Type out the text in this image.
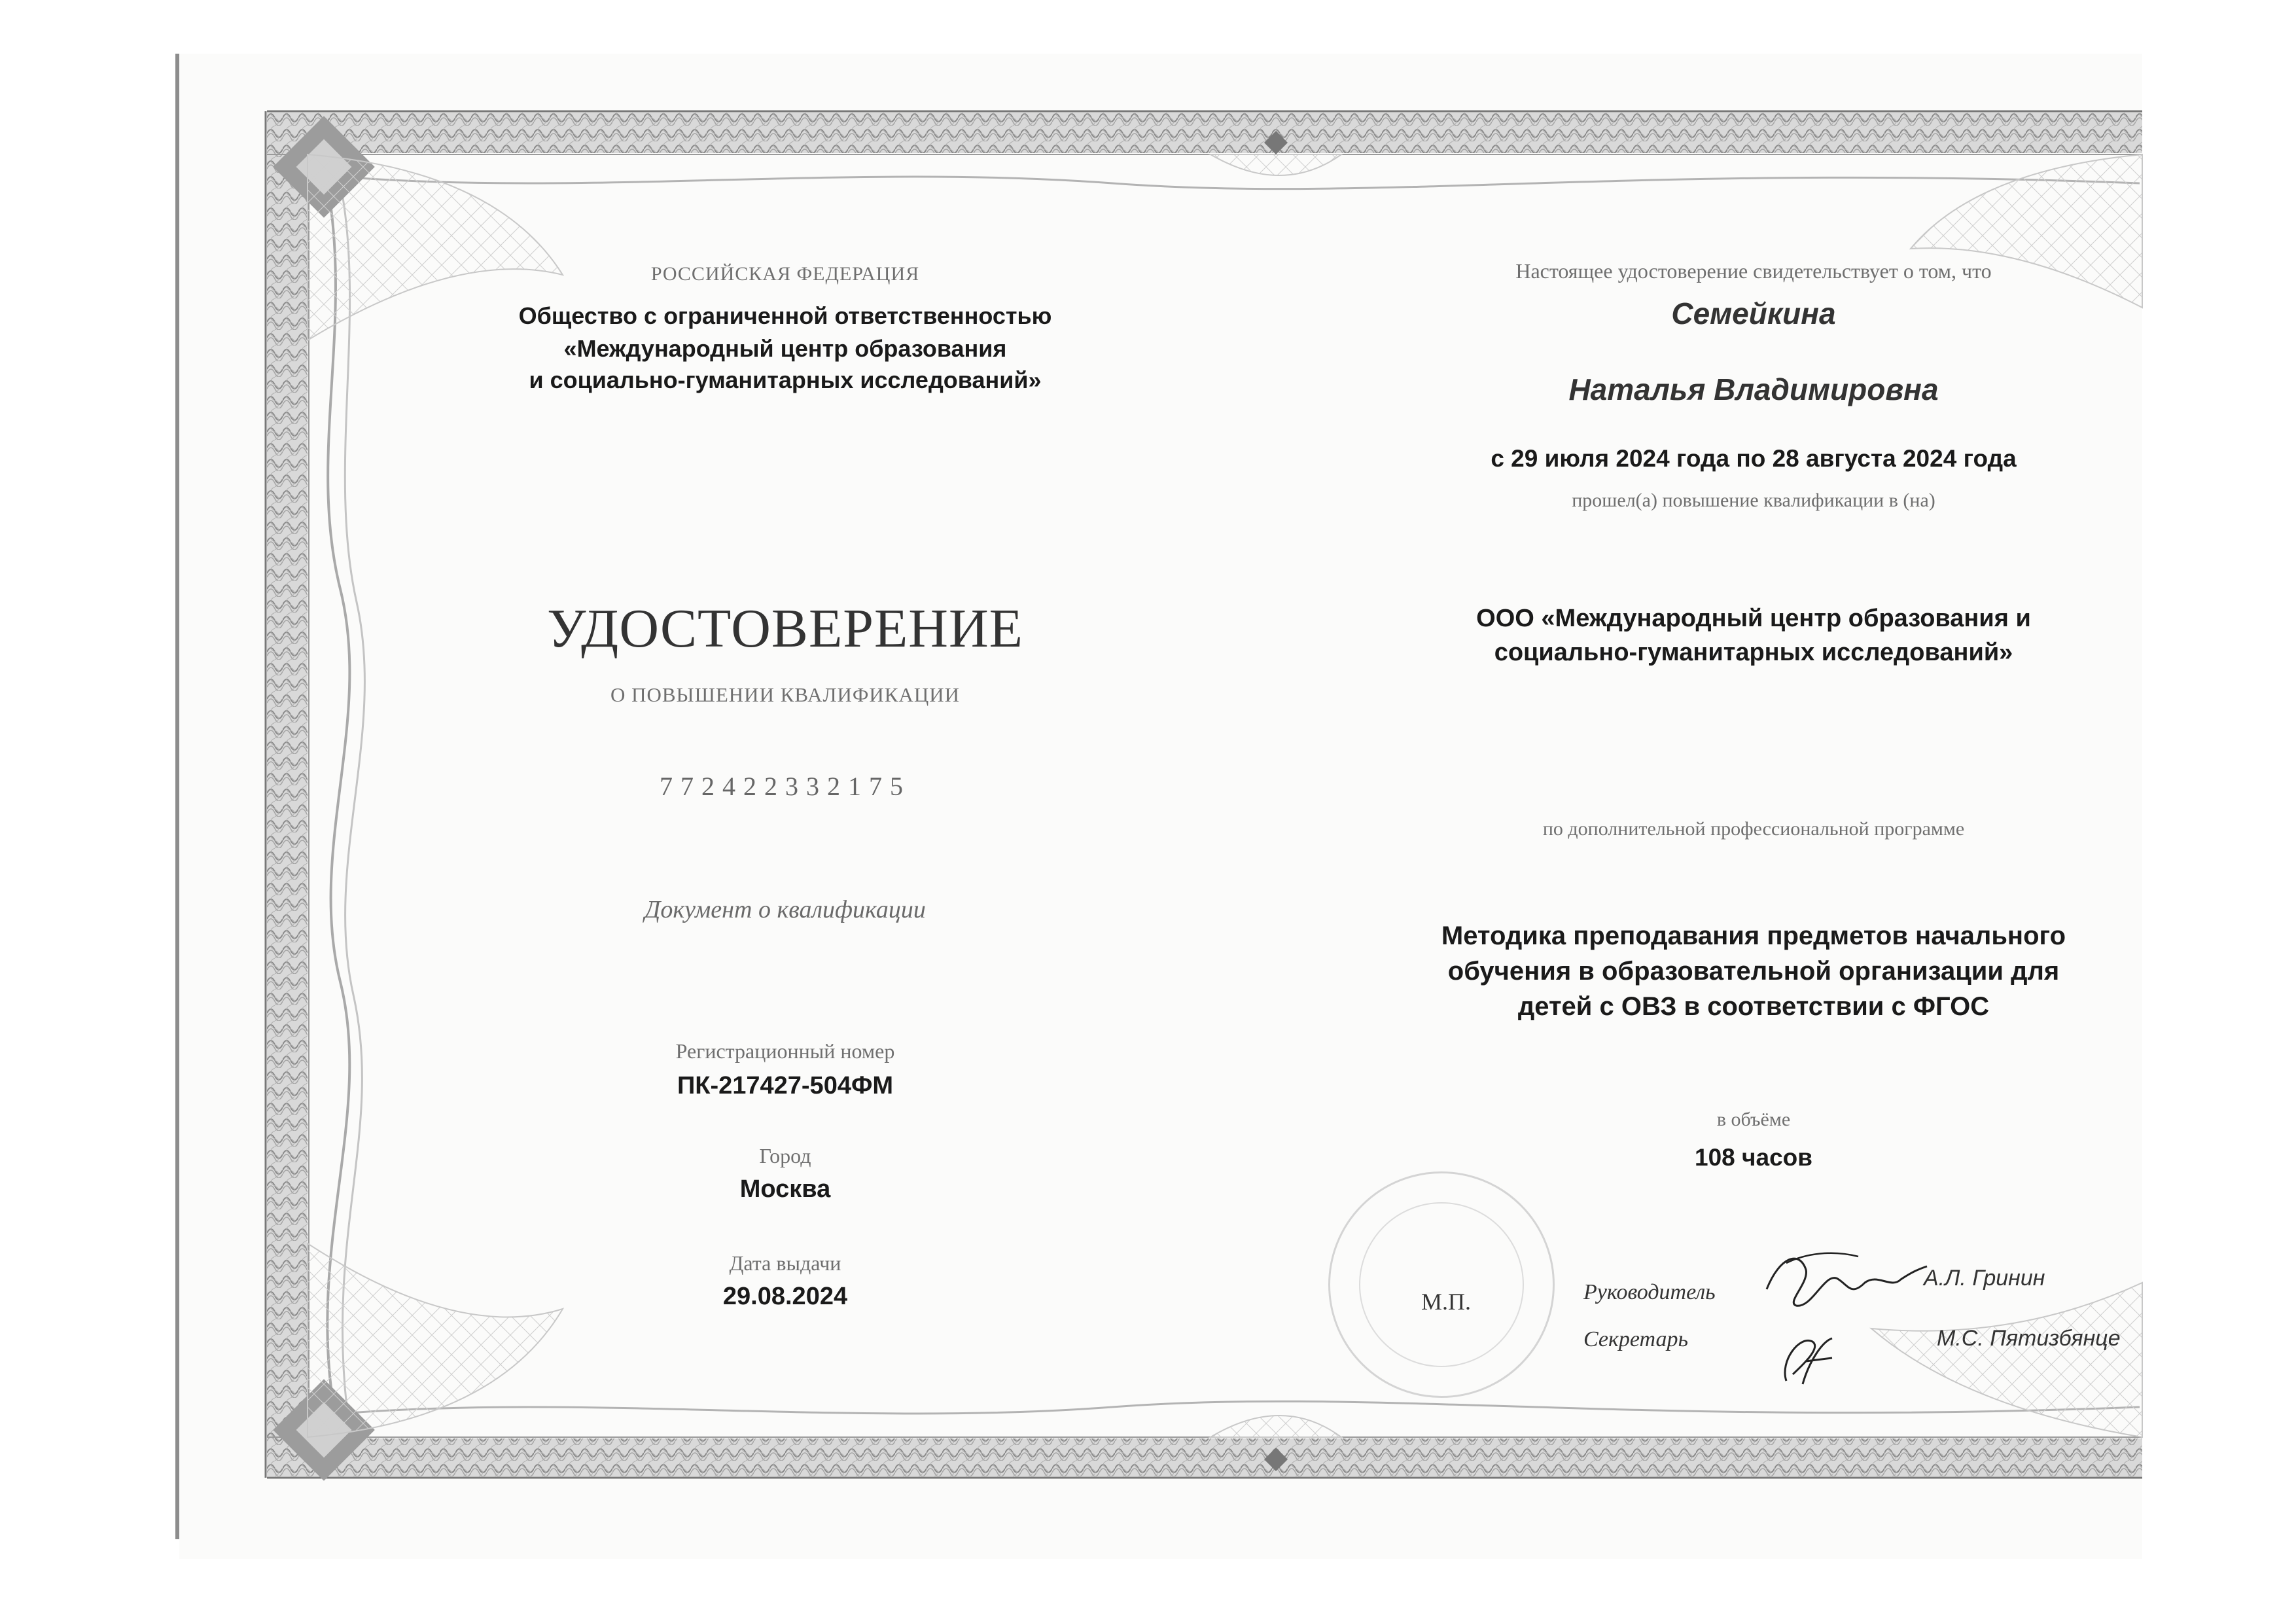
РОССИЙСКАЯ ФЕДЕРАЦИЯ
Общество с ограниченной ответственностью
«Международный центр образования
и социально-гуманитарных исследований»
УДОСТОВЕРЕНИЕ
О ПОВЫШЕНИИ КВАЛИФИКАЦИИ
772422332175
Документ о квалификации
Регистрационный номер
ПК-217427-504ФМ
Город
Москва
Дата выдачи
29.08.2024
Настоящее удостоверение свидетельствует о том, что
Семейкина
Наталья Владимировна
с 29 июля 2024 года по 28 августа 2024 года
прошел(а) повышение квалификации в (на)
ООО «Международный центр образования и
социально-гуманитарных исследований»
по дополнительной профессиональной программе
Методика преподавания предметов начального
обучения в образовательной организации для
детей с ОВЗ в соответствии с ФГОС
в объёме
108 часов
М.П.	Руководитель
А.Л. Гринин
Секретарь	М.С. Пятизбянце
